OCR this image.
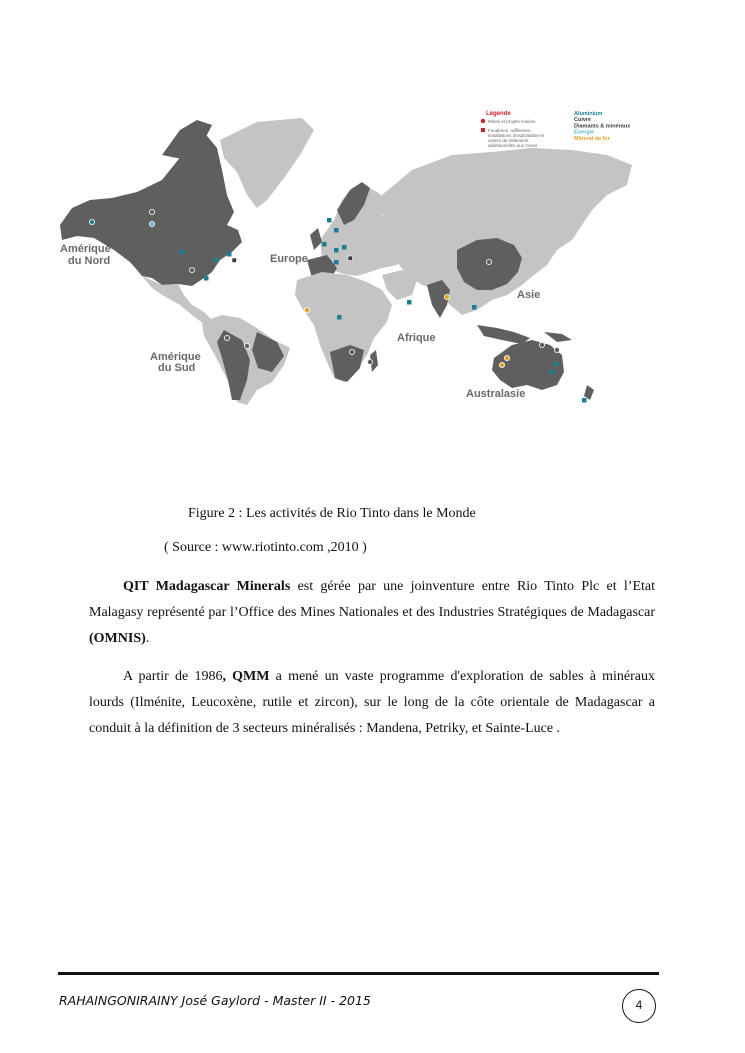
Amérique
du Nord	Europe
Asie
Afrique
Amérique
du Sud
Australasie
Légende
Mines et projets miniers
Fonderies, raffineries,
installations d'exploitation et
usines de traitement
additionnelles aux mines
Aluminium
Cuivre
Diamants & minéraux
Énergie
Minerai de fer
Figure 2 : Les activités de Rio Tinto dans le Monde
( Source : www.riotinto.com ,2010 )
QIT Madagascar Minerals est gérée par une joinventure entre Rio Tinto Plc et l’Etat Malagasy représenté par l’Office des Mines Nationales et des Industries Stratégiques de Madagascar (OMNIS).
A partir de 1986, QMM a mené un vaste programme d'exploration de sables à minéraux lourds (Ilménite, Leucoxène, rutile et zircon), sur le long de la côte orientale de Madagascar a conduit à la définition de 3 secteurs minéralisés : Mandena, Petriky, et Sainte-Luce .
RAHAINGONIRAINY José Gaylord - Master II - 2015	4
